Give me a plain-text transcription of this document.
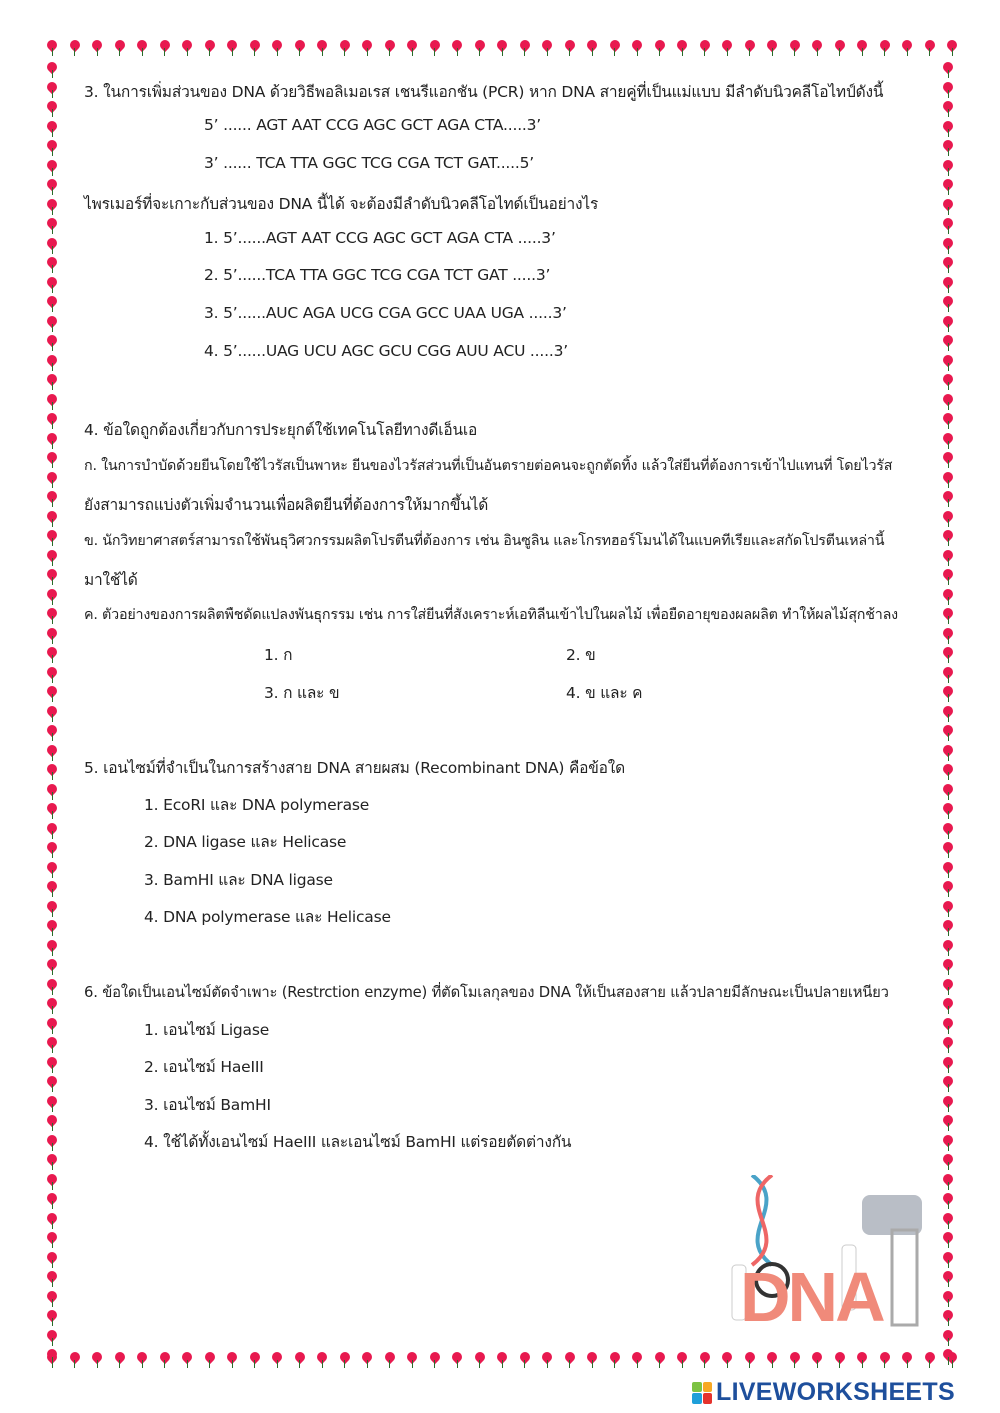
3. ในการเพิ่มส่วนของ DNA ด้วยวิธีพอลิเมอเรส เชนรีแอกชัน (PCR) หาก DNA สายคู่ที่เป็นแม่แบบ มีลำดับนิวคลีโอไทป์ดังนี้
5’ ...... AGT AAT CCG AGC GCT AGA CTA.....3’
3’ ...... TCA TTA GGC TCG CGA TCT GAT.....5’
ไพรเมอร์ที่จะเกาะกับส่วนของ DNA นี้ได้ จะต้องมีลำดับนิวคลีโอไทด์เป็นอย่างไร
1. 5’......AGT AAT CCG AGC GCT AGA CTA .....3’
2. 5’......TCA TTA GGC TCG CGA TCT GAT .....3’
3. 5’......AUC AGA UCG CGA GCC UAA UGA .....3’
4. 5’......UAG UCU AGC GCU CGG AUU ACU .....3’
4. ข้อใดถูกต้องเกี่ยวกับการประยุกต์ใช้เทคโนโลยีทางดีเอ็นเอ
ก. ในการบำบัดด้วยยีนโดยใช้ไวรัสเป็นพาหะ ยีนของไวรัสส่วนที่เป็นอันตรายต่อคนจะถูกตัดทิ้ง แล้วใส่ยีนที่ต้องการเข้าไปแทนที่ โดยไวรัส
ยังสามารถแบ่งตัวเพิ่มจำนวนเพื่อผลิตยีนที่ต้องการให้มากขึ้นได้
ข. นักวิทยาศาสตร์สามารถใช้พันธุวิศวกรรมผลิตโปรตีนที่ต้องการ เช่น อินซูลิน และโกรทฮอร์โมนได้ในแบคทีเรียและสกัดโปรตีนเหล่านี้
มาใช้ได้
ค. ตัวอย่างของการผลิตพืชดัดแปลงพันธุกรรม เช่น การใส่ยีนที่สังเคราะห์เอทิลีนเข้าไปในผลไม้ เพื่อยืดอายุของผลผลิต ทำให้ผลไม้สุกช้าลง
1. ก	2. ข
3. ก และ ข	4. ข และ ค
5. เอนไซม์ที่จำเป็นในการสร้างสาย DNA สายผสม (Recombinant DNA) คือข้อใด
1. EcoRI และ DNA polymerase
2. DNA ligase และ Helicase
3. BamHI และ DNA ligase
4. DNA polymerase และ Helicase
6. ข้อใดเป็นเอนไซม์ตัดจำเพาะ (Restrction enzyme) ที่ตัดโมเลกุลของ DNA ให้เป็นสองสาย แล้วปลายมีลักษณะเป็นปลายเหนียว
1. เอนไซม์ Ligase
2. เอนไซม์ HaeIII
3. เอนไซม์ BamHI
4. ใช้ได้ทั้งเอนไซม์ HaeIII และเอนไซม์ BamHI แต่รอยตัดต่างกัน
DNA
LIVEWORKSHEETS
